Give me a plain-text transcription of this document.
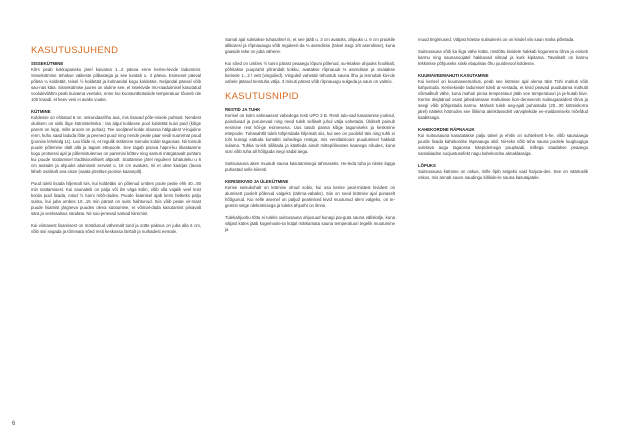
KASUTUSJUHEND
SISSEKÜTMINE

Kõrs peab kokkupaneku järel kuivama 1...2 päeva enne kerise-kivide laduminst. Sissekütmine tehakse väikeste pilbastega ja see kestab u. 3 päeva. Esimesel päeval põleta ¼ koldetäit, teisel ½ koldetäit ja kolmandal kogu koldetäis. Neljandal päeval võib sau-nas käia. Sissekütmise juures on oluline see, et sisekivide mü-raaduimisel kasutatud voolukivilähm peab kuivama veetuks, enne kui koostuntkütusiide temperatuur tõuseb üle 100 kraadi, et keev vesi ei avaks vuuke.

KÜTMINE

Koldesse on ehitatud 6 nn. sekundaarõhu ava, mis lisavad põle-misele puhtust. Nendest olulisem on siski õige kütmistehnika : las algul koldesse pool koldetäit kuivi puid (kõige parem on lepp, mille aroom on puhas). Tee sooljänel kolde ülaossa hälgudest V-kujuline renn, kuhu saad laduda lõite ja peened puud ning nende peale paar veidi suuremat puud (joonise lehekülg 11). Lao lõide ni, et regulik süttimine toimuks kolde tagaosas. Nii toimub puude põlemine ülalt alla ja tagant ettepoole. See tagab pisava hapni-ku rikastaanne kogu protsessi ajal ja põlemistulemus on paremini kõttev ning samuti märgatavalt puhtam kui puude süütamisel traditsiooniliselt altpoolt. Süütamise järel reguleeri tuhatuleku u 6 cm avatuks ja ahjuuks alumisest servast u. 18 cm avatuks, nii et ukse kaarjas (laosa läheb osalisolt ava sisse (vaata pöstitus-joonise kaanepilt).

Puud tuleb lisada hiljemalt siis, kui koldetäis on põlenud umbes poole peale ehk 40...50 min süütamisest. Kui saunaleiti on palju või ilm väga külm, võib olla vajalik veel teist korda puid lisada, nüüd ½ tunni mõõ-dudes. Puude lisamisel ajab keris hetkeks palju suitsu, kui juba umbes 10...15 min pärast on suits haihtunud. Siis võib peale vir-mast puude lisamist järgneva puudes oleva süütumine, et võimal-dada kasutamist piisavalt sära ja veelvaalsus süüdata. Nii soo-jenevad samad kiiremini.

Kui viimasest lisamisest on möödunud vähemalt tund ja sütte paksus on juba alla 6 cm, võib sisi segada ja tõmmata sõed resti keskossa lärrtalt ja nurkadest eemale.

Samal ajal suletakse tuhasahtel ni, et see jääb u. 3 cm avatuks, ahjuuks u. 6 cm praokile allikaresi ja rõpnauaugu võib reguleeri-da ⅓ asendisse (talvel isegi 1/8 asendisse), kuna gaaside teke on juba vähene.

Kui sõed on umbes ½ tunni pärast peaaegu lõpuni põlenud, su-letakse ahjuuks hoolikalt, põhitakse puuprahit põrandalt kokku, avatakse rõpnauuk ⅓ asendisse ja visatakse kerisele 1...2 l vett (vingulied). Vinguleil vahetab tühustub sauna õhu ja lennutab kivi-de vahele jäänud tenstuha välja. 3 minuti pärast võib rõpnauugu sulgeda ja saun on valmis.

KASUTUSNIPID
RESTID JA TUHK

Kerisel on kolm vaheaasest vahedega resti UPO 3 B. Resti tulu-vad kasutamise jooksul, painduvad ja purunevad ning need tuleb selliselt juhul välja vahetada. Üldiselt painub eesmine rest kõi-ge esimesena. Uus tasub panna kõige tagumiseks ja keskmine ettepoole. Tuhasahtlit tuleb tühjendada hiljemalt siis, kui see on poolekil täis ning tuhk ei tohi kunagi sattuda kontakti vahedega restiga, mis ventilatsiooni puudumisel hakkab sulama. Tuhka tu-leb sililitada ja kästleda ainult mittepõlevates kaanega nõudes, kuna süsi võib tuha all hõõguda isegi nädal aega.

Suitsusauna aken muutub sauna kasutamisega tahmaseks. He-leda tuha ja niiske lapga puhastad selle kiiresti.

KERISEKIVID JA ÜLEKÜTMINE

Kerise seisukohalt on kütmine olnud sobiv, kui osa kerise peal-mistest kividest on alumisett poolelt põlenud valgeks (tahma-vabaks). Siis on seed kütmise ajal punaselt hõõgunud. Kui selle asemel on paljud pealmised kivid muutunud üleni valgeks, on te-gemist selge ülekütmisega ja tuleks ahjuöht on ilmne.

Tulekahjuohu tõttu ei tuleks suitsusauna ahjusuud kunagi pai-guta sauna väliskülje, kuna väljast kütes jääb kogemuste-ta kütjal märkamata sauna temperatuuri tegelik muutumine ja

muud tingimused. Väljast köetav suitsukeris on on kindel viis saun maha põletada.

Suitsusauna võib ka liiga vähe kütta, mistõttu kividele hakkab kogunema tõrva ja esineb karmu ning saunasoojatel hakkavad silmad ja kurk kipitama. Tavaliselt on karmu tekkimise põhjuseks siiski ebapiisav õhu juurdevool koldesse.

KUUMAVEEMAHUTI KASUTAMINE

Kui kerisel on kuumaveemahuti, peab see kütmise ajal olema täis! Tühi mahuti võib kahjustuda. Kerisekivide ladumisel tuleb ar-vestada, et kivid peavad puudutama mahutit võimalikult vähe, kuna mahuti pinna temperatuur jääb vee temperatuuri ja ja-hutab kive. Kerise ülejäänud osast jahedamasse mahutisse kon-denseerub suitsugaasidest tõrva ja seegi võib põhjustada karmu. Mahutit tuleb aeg-ajalt puhastada (20...30 kütmiskorra järel) näiteks höörudes see lõikima akinklassidelt värvipleikide ee-maldamiseks mõeldud kaabitsaga.

KAHEKORDNE RÄPNAAUK

Kui suitsusauna kasutatakse palju talvel ja ehitis on suhteliselt ti-he, võib saunaaega juurde lisada kahekordse räpnaaugu abil. Nii-teks võib teha sauna poolele luugluugiga suletava augu tagaossa käepidemega puuplaadi, millega saadakse peaaegu samalaadne soojustusefekt nagu kahekordse aknaklaasiga.

LÕPUKS

Suitsusauna kütmine on oskus, mille õpib selgeks vaid harjuta-des. See on väärtuslik oskus, mis annab suure naudingu kõikide-le sauna kasutajatele.

6
